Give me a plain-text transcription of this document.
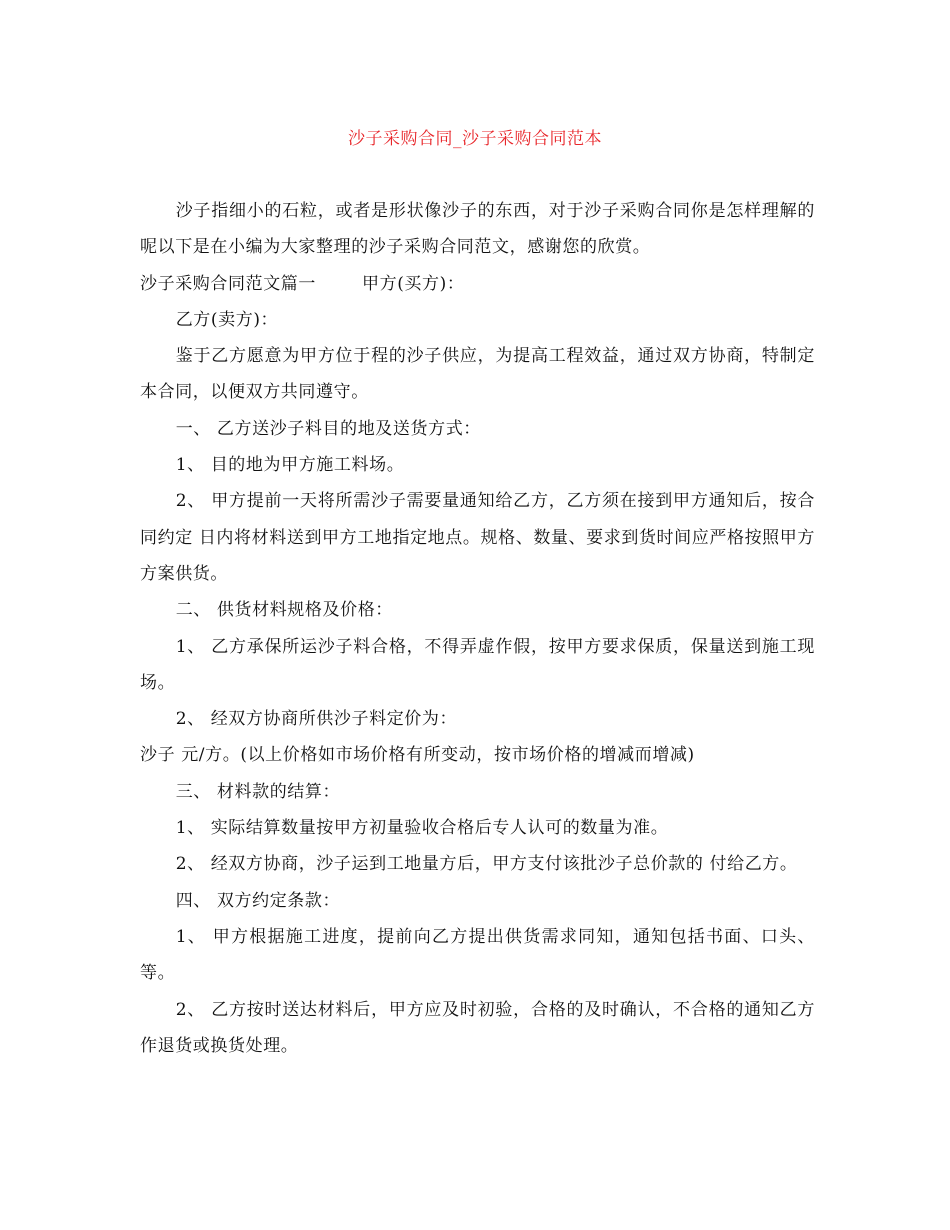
沙子采购合同_沙子采购合同范本

沙子指细小的石粒，或者是形状像沙子的东西，对于沙子采购合同你是怎样理解的呢以下是在小编为大家整理的沙子采购合同范文，感谢您的欣赏。

沙子采购合同范文篇一	甲方(买方)：

乙方(卖方)：

鉴于乙方愿意为甲方位于程的沙子供应，为提高工程效益，通过双方协商，特制定本合同，以便双方共同遵守。

一、 乙方送沙子料目的地及送货方式：

1、 目的地为甲方施工料场。

2、 甲方提前一天将所需沙子需要量通知给乙方，乙方须在接到甲方通知后，按合同约定 日内将材料送到甲方工地指定地点。规格、数量、要求到货时间应严格按照甲方方案供货。

二、 供货材料规格及价格：

1、 乙方承保所运沙子料合格，不得弄虚作假，按甲方要求保质，保量送到施工现场。

2、 经双方协商所供沙子料定价为：

沙子 元/方。(以上价格如市场价格有所变动，按市场价格的增减而增减)

三、 材料款的结算：

1、 实际结算数量按甲方初量验收合格后专人认可的数量为准。

2、 经双方协商，沙子运到工地量方后，甲方支付该批沙子总价款的 付给乙方。

四、 双方约定条款：

1、 甲方根据施工进度，提前向乙方提出供货需求同知，通知包括书面、口头、 等。

2、 乙方按时送达材料后，甲方应及时初验，合格的及时确认，不合格的通知乙方作退货或换货处理。
